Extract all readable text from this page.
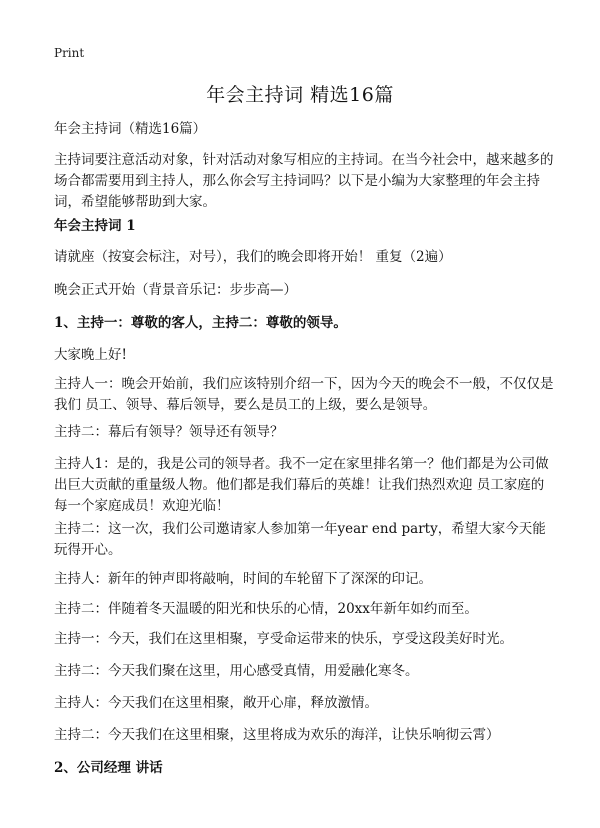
Print
年会主持词 精选16篇
年会主持词（精选16篇）
主持词要注意活动对象，针对活动对象写相应的主持词。在当今社会中，越来越多的场合都需要用到主持人，那么你会写主持词吗？以下是小编为大家整理的年会主持词，希望能够帮助到大家。
年会主持词 1
请就座（按宴会标注，对号），我们的晚会即将开始！ 重复（2遍）
晚会正式开始（背景音乐记：步步高—）
1、主持一：尊敬的客人，主持二：尊敬的领导。
大家晚上好!
主持人一：晚会开始前，我们应该特别介绍一下，因为今天的晚会不一般，不仅仅是我们 员工、领导、幕后领导，要么是员工的上级，要么是领导。
主持二：幕后有领导？领导还有领导？
主持人1：是的，我是公司的领导者。我不一定在家里排名第一？他们都是为公司做出巨大贡献的重量级人物。他们都是我们幕后的英雄！让我们热烈欢迎 员工家庭的每一个家庭成员！欢迎光临！
主持二：这一次，我们公司邀请家人参加第一年year end party，希望大家今天能玩得开心。
主持人：新年的钟声即将敲响，时间的车轮留下了深深的印记。
主持二：伴随着冬天温暖的阳光和快乐的心情，20xx年新年如约而至。
主持一：今天，我们在这里相聚，亨受命运带来的快乐，亨受这段美好时光。
主持二：今天我们聚在这里，用心感受真情，用爱融化寒冬。
主持人：今天我们在这里相聚，敞开心扉，释放激情。
主持二：今天我们在这里相聚，这里将成为欢乐的海洋，让快乐响彻云霄）
2、公司经理 讲话
